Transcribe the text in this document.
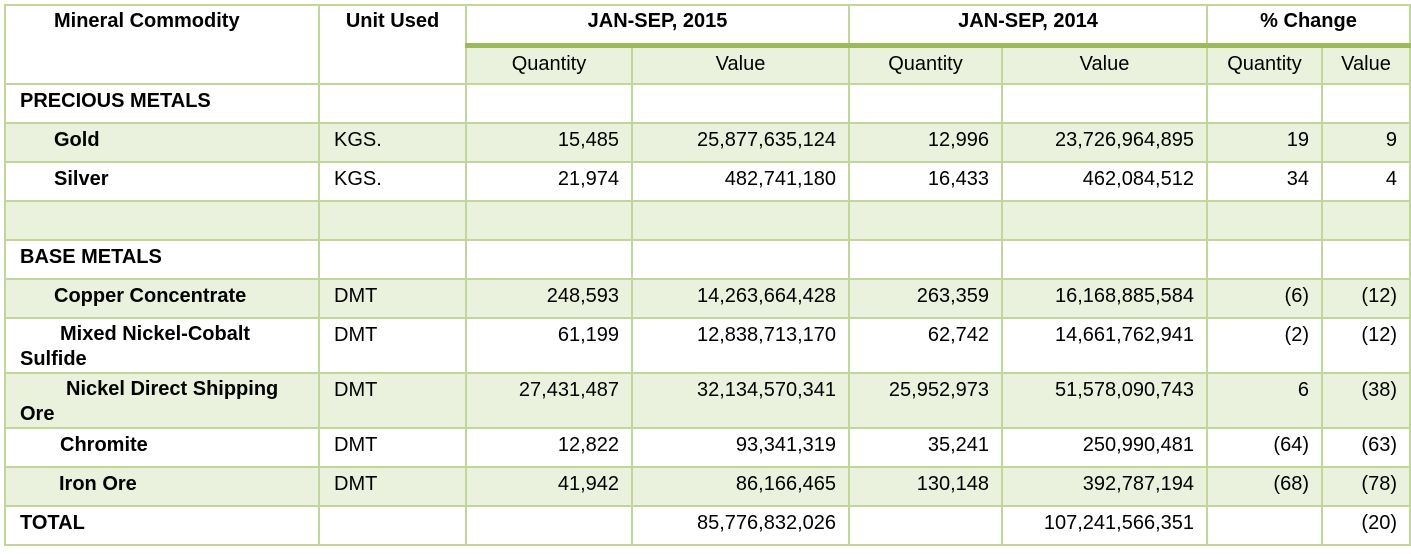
Mineral Commodity	Unit Used	JAN-SEP, 2015		JAN-SEP, 2014		% Change	
		Quantity	Value	Quantity	Value	Quantity	Value
PRECIOUS METALS							
Gold	KGS.	15,485	25,877,635,124	12,996	23,726,964,895	19	9
Silver	KGS.	21,974	482,741,180	16,433	462,084,512	34	4

BASE METALS							
Copper Concentrate	DMT	248,593	14,263,664,428	263,359	16,168,885,584	(6)	(12)
Mixed Nickel-Cobalt Sulfide	DMT	61,199	12,838,713,170	62,742	14,661,762,941	(2)	(12)
Nickel Direct Shipping Ore	DMT	27,431,487	32,134,570,341	25,952,973	51,578,090,743	6	(38)
Chromite	DMT	12,822	93,341,319	35,241	250,990,481	(64)	(63)
Iron Ore	DMT	41,942	86,166,465	130,148	392,787,194	(68)	(78)
TOTAL			85,776,832,026		107,241,566,351		(20)
